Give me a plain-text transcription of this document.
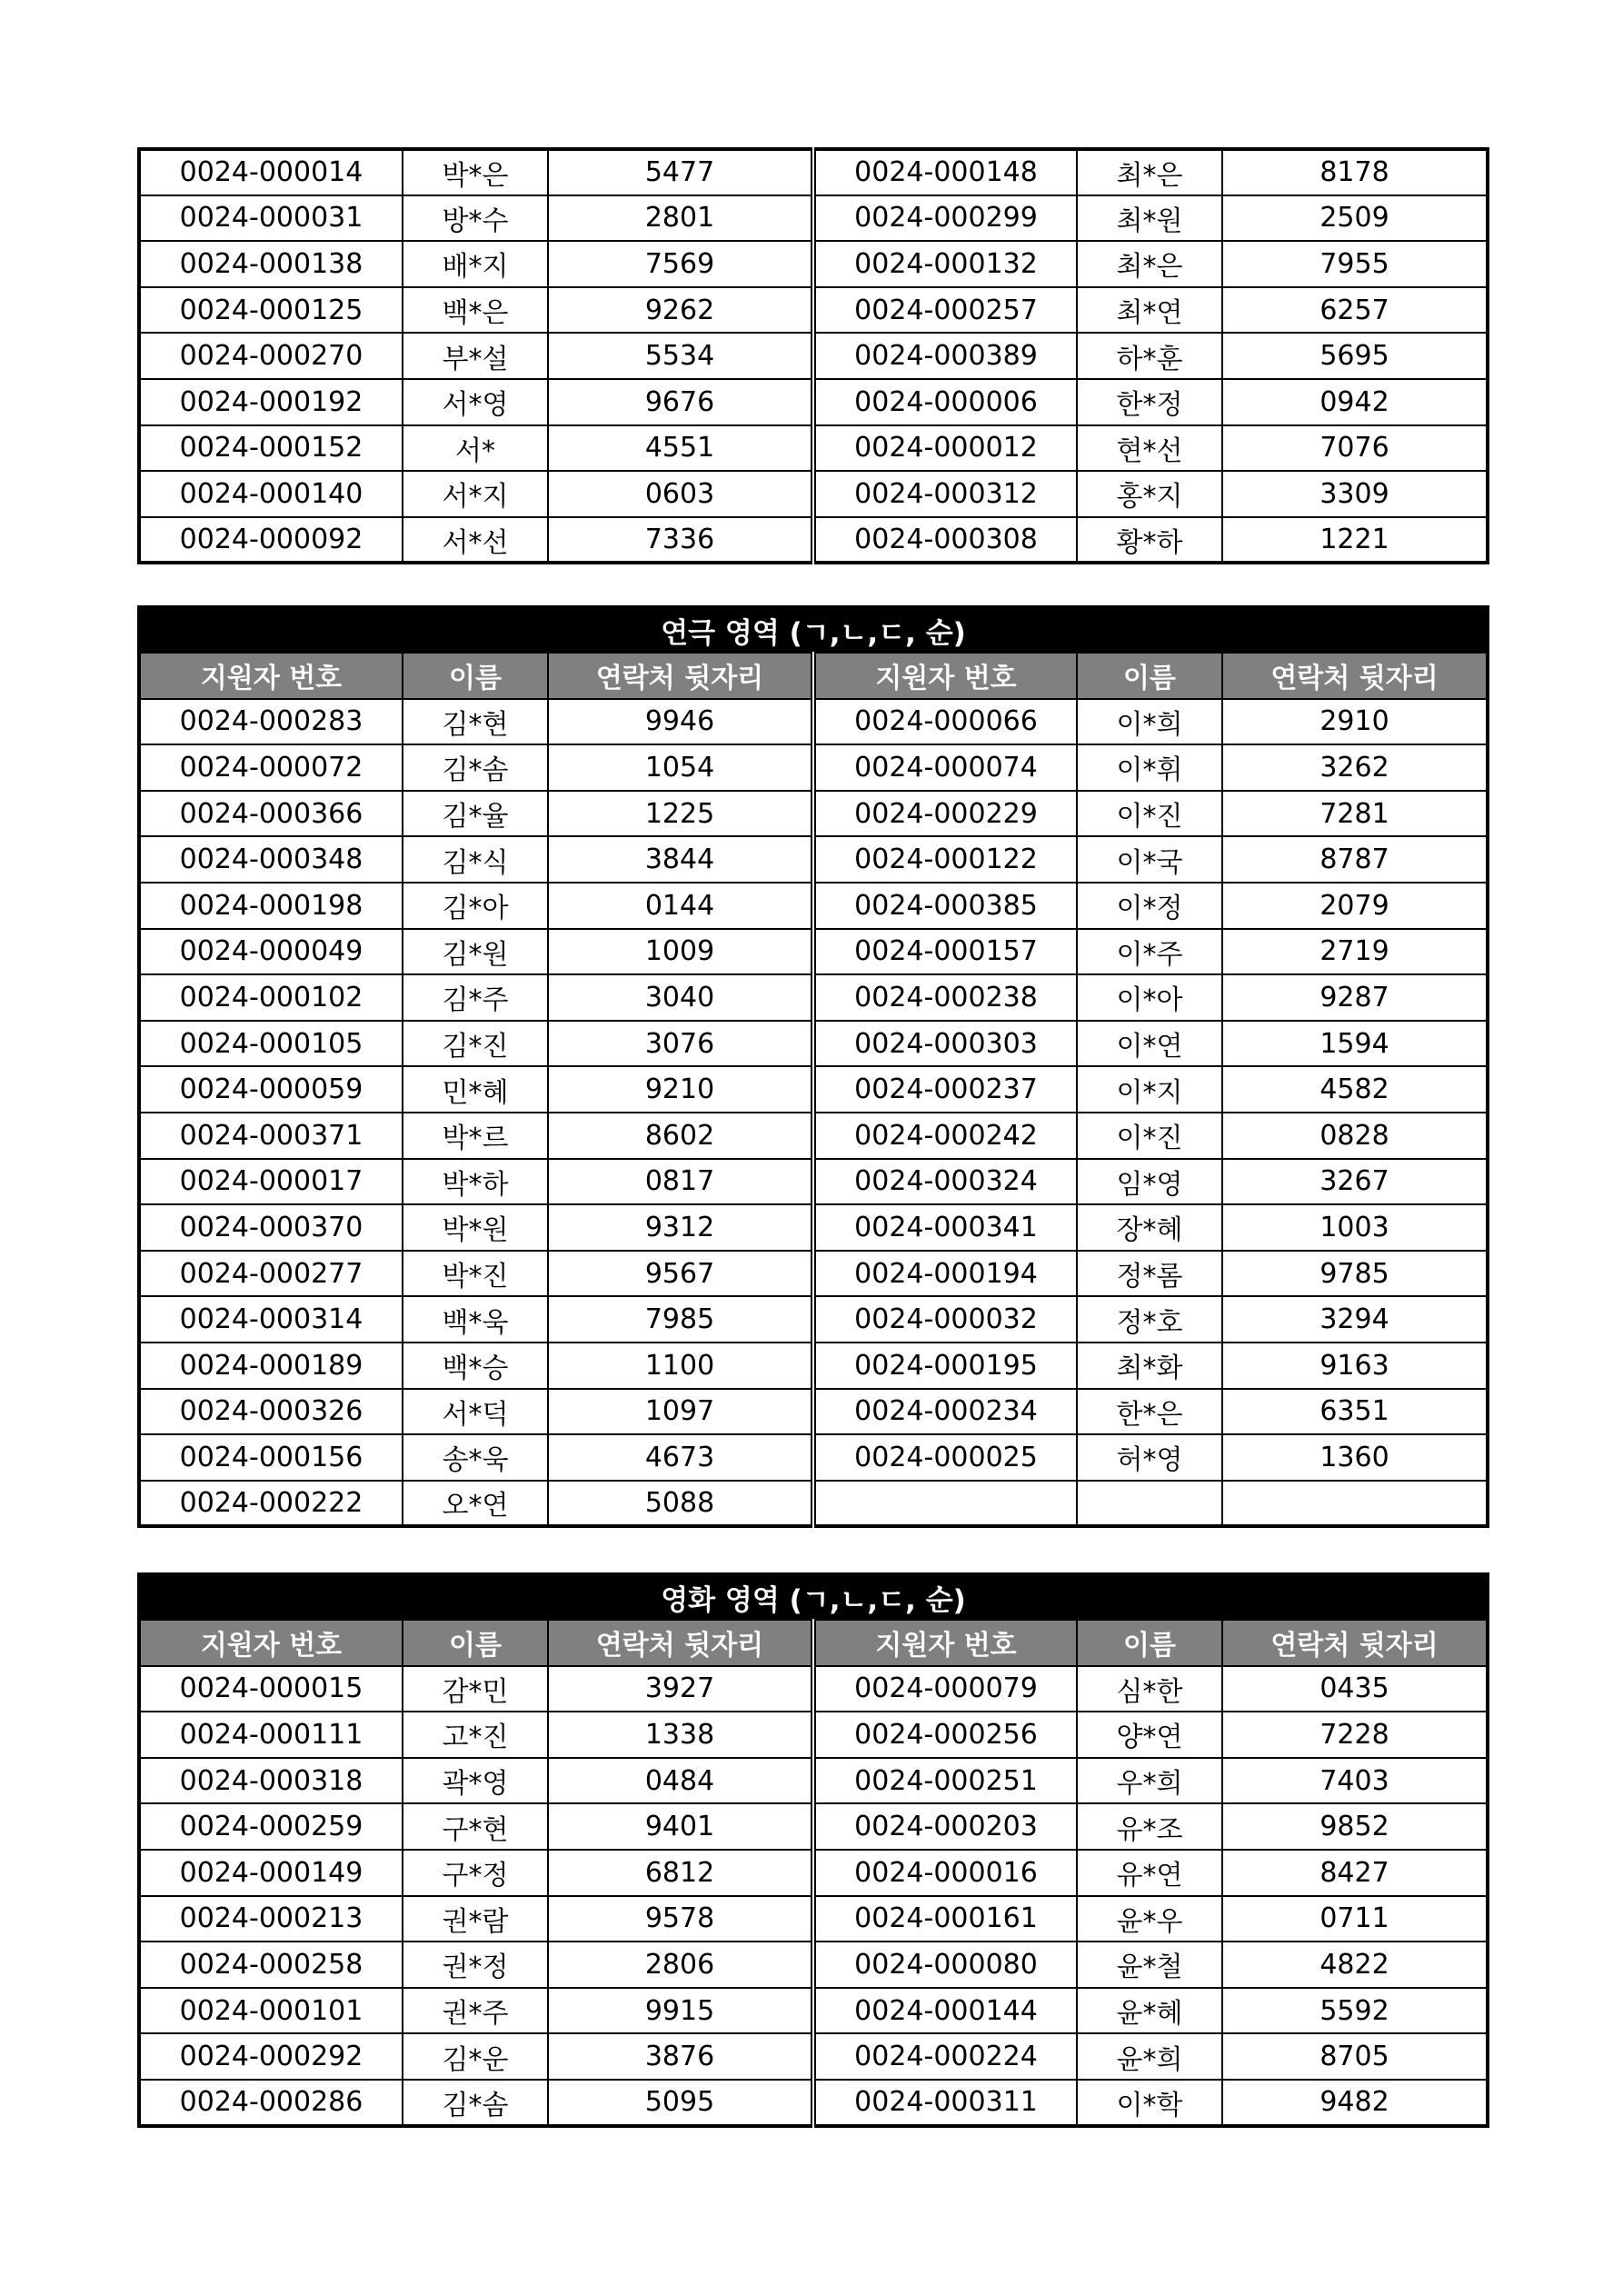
0024-000014	박*은	5477	0024-000148	최*은	8178
0024-000031	방*수	2801	0024-000299	최*원	2509
0024-000138	배*지	7569	0024-000132	최*은	7955
0024-000125	백*은	9262	0024-000257	최*연	6257
0024-000270	부*설	5534	0024-000389	하*훈	5695
0024-000192	서*영	9676	0024-000006	한*정	0942
0024-000152	서*	4551	0024-000012	현*선	7076
0024-000140	서*지	0603	0024-000312	홍*지	3309
0024-000092	서*선	7336	0024-000308	황*하	1221
연극 영역 (ㄱ,ㄴ,ㄷ, 순)					
지원자 번호	이름	연락처 뒷자리	지원자 번호	이름	연락처 뒷자리
0024-000283	김*현	9946	0024-000066	이*희	2910
0024-000072	김*솜	1054	0024-000074	이*휘	3262
0024-000366	김*율	1225	0024-000229	이*진	7281
0024-000348	김*식	3844	0024-000122	이*국	8787
0024-000198	김*아	0144	0024-000385	이*정	2079
0024-000049	김*원	1009	0024-000157	이*주	2719
0024-000102	김*주	3040	0024-000238	이*아	9287
0024-000105	김*진	3076	0024-000303	이*연	1594
0024-000059	민*혜	9210	0024-000237	이*지	4582
0024-000371	박*르	8602	0024-000242	이*진	0828
0024-000017	박*하	0817	0024-000324	임*영	3267
0024-000370	박*원	9312	0024-000341	장*혜	1003
0024-000277	박*진	9567	0024-000194	정*롬	9785
0024-000314	백*욱	7985	0024-000032	정*호	3294
0024-000189	백*승	1100	0024-000195	최*화	9163
0024-000326	서*덕	1097	0024-000234	한*은	6351
0024-000156	송*욱	4673	0024-000025	허*영	1360
0024-000222	오*연	5088			
영화 영역 (ㄱ,ㄴ,ㄷ, 순)					
지원자 번호	이름	연락처 뒷자리	지원자 번호	이름	연락처 뒷자리
0024-000015	감*민	3927	0024-000079	심*한	0435
0024-000111	고*진	1338	0024-000256	양*연	7228
0024-000318	곽*영	0484	0024-000251	우*희	7403
0024-000259	구*현	9401	0024-000203	유*조	9852
0024-000149	구*정	6812	0024-000016	유*연	8427
0024-000213	권*람	9578	0024-000161	윤*우	0711
0024-000258	권*정	2806	0024-000080	윤*철	4822
0024-000101	권*주	9915	0024-000144	윤*혜	5592
0024-000292	김*운	3876	0024-000224	윤*희	8705
0024-000286	김*솜	5095	0024-000311	이*학	9482
